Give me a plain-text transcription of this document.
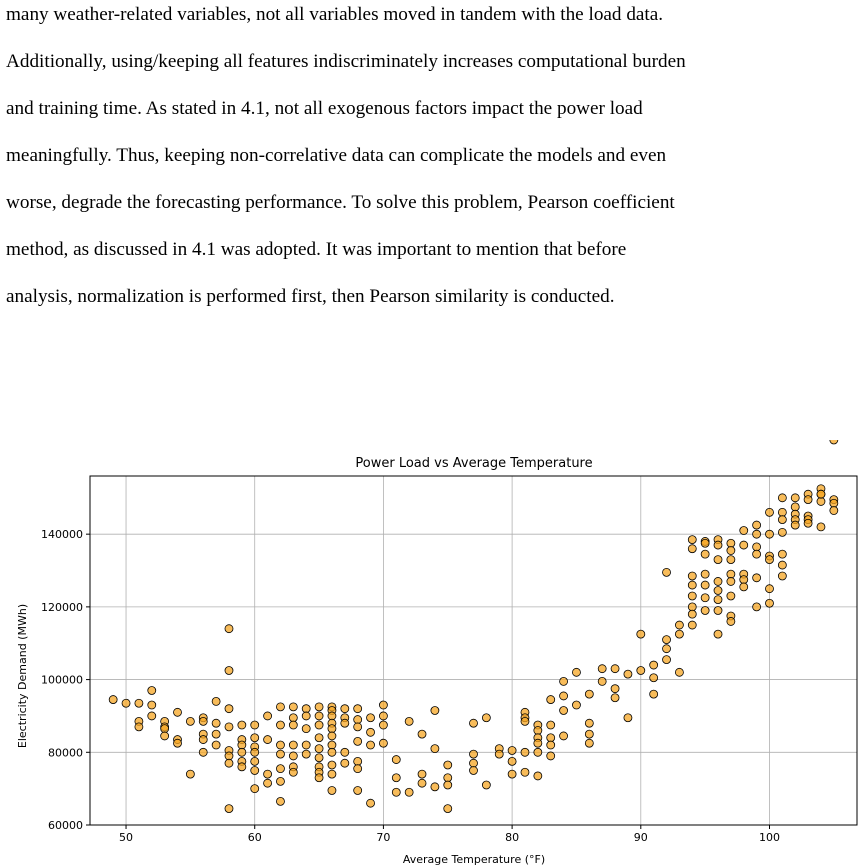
many weather-related variables, not all variables moved in tandem with the load data.
Additionally, using/keeping all features indiscriminately increases computational burden
and training time. As stated in 4.1, not all exogenous factors impact the power load
meaningfully. Thus, keeping non-correlative data can complicate the models and even
worse, degrade the forecasting performance. To solve this problem, Pearson coefficient
method, as discussed in 4.1 was adopted. It was important to mention that before
analysis, normalization is performed first, then Pearson similarity is conducted.
Power Load vs Average Temperature
Average Temperature (°F)
Electricity Demand (MWh)
50	60	70	80	90	100
60000
80000
100000
120000
140000
